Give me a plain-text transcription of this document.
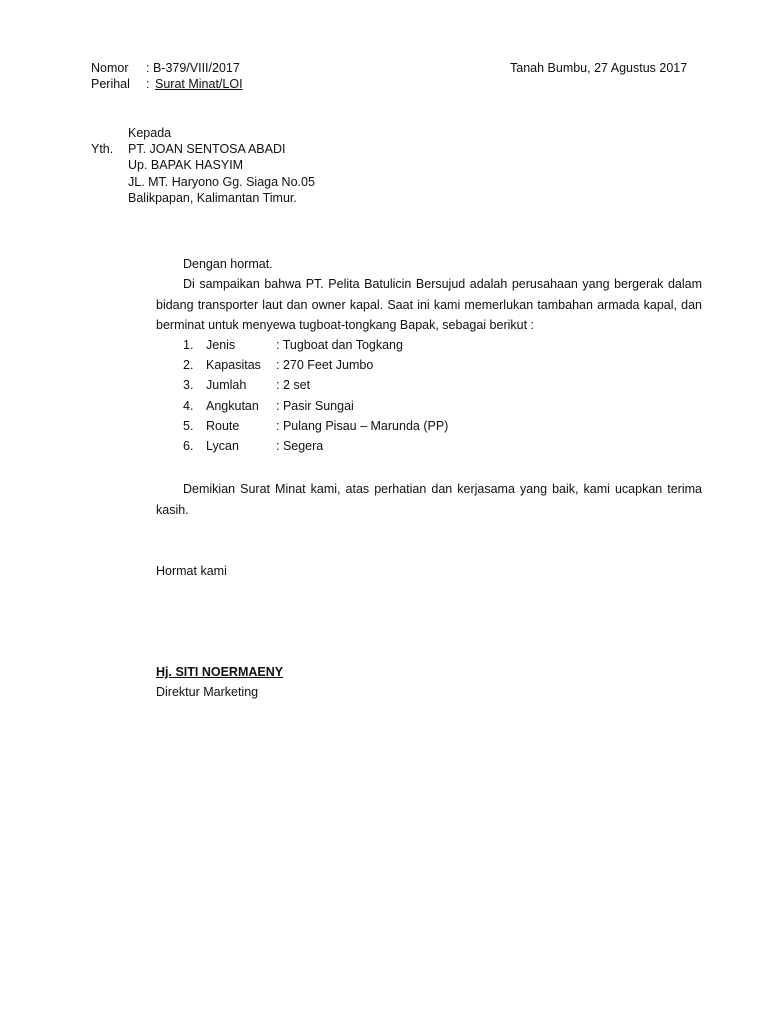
Nomor : B-379/VIII/2017	Tanah Bumbu, 27 Agustus 2017
Perihal : Surat Minat/LOI
Kepada
Yth. PT. JOAN SENTOSA ABADI
Up. BAPAK HASYIM
JL. MT. Haryono Gg. Siaga No.05
Balikpapan, Kalimantan Timur.
Dengan hormat.
Di sampaikan bahwa PT. Pelita Batulicin Bersujud adalah perusahaan yang bergerak dalam bidang transporter laut dan owner kapal. Saat ini kami memerlukan tambahan armada kapal, dan berminat untuk menyewa tugboat-tongkang Bapak, sebagai berikut :
1. Jenis	: Tugboat dan Togkang
2. Kapasitas : 270 Feet Jumbo
3. Jumlah : 2 set
4. Angkutan : Pasir Sungai
5. Route	: Pulang Pisau – Marunda (PP)
6. Lycan	: Segera
Demikian Surat Minat kami, atas perhatian dan kerjasama yang baik, kami ucapkan terima kasih.
Hormat kami
Hj. SITI NOERMAENY
Direktur Marketing
